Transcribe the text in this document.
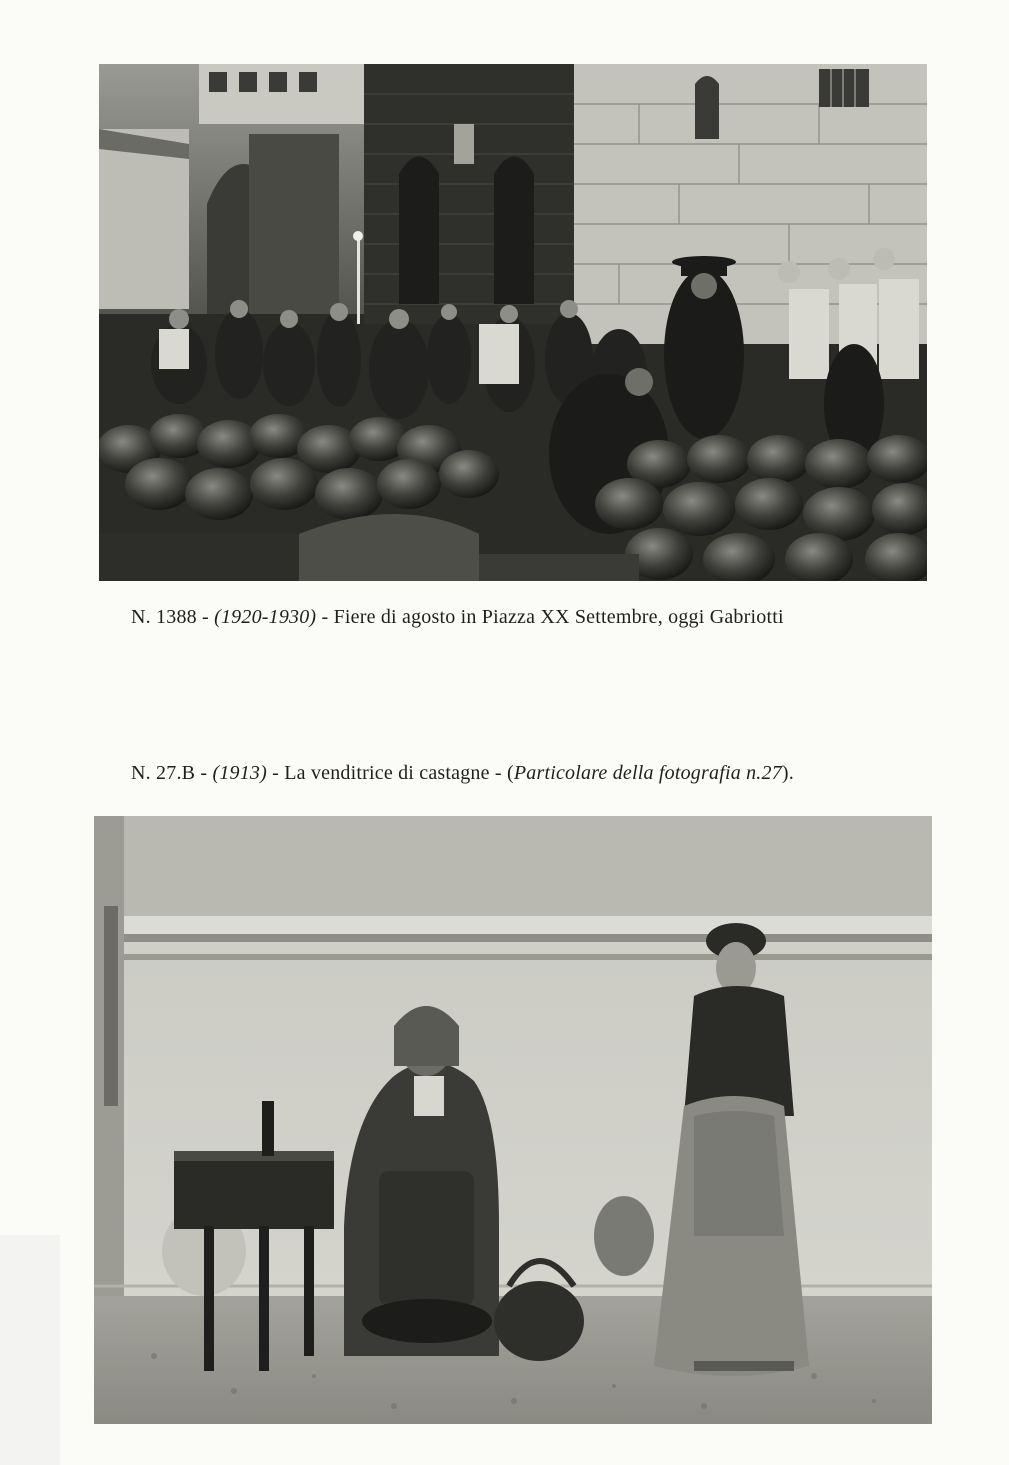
N. 1388 - (1920-1930) - Fiere di agosto in Piazza XX Settembre, oggi Gabriotti
N. 27.B - (1913) - La venditrice di castagne - (Particolare della fotografia n.27).
